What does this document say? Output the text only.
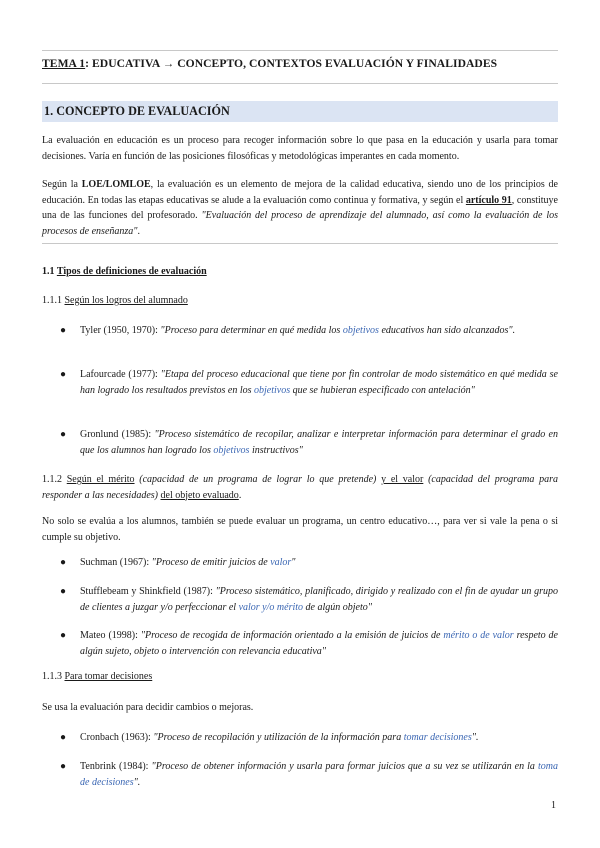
TEMA 1: EDUCATIVA → CONCEPTO, CONTEXTOS EVALUACIÓN Y FINALIDADES
1. CONCEPTO DE EVALUACIÓN
La evaluación en educación es un proceso para recoger información sobre lo que pasa en la educación y usarla para tomar decisiones. Varía en función de las posiciones filosóficas y metodológicas imperantes en cada momento.
Según la LOE/LOMLOE, la evaluación es un elemento de mejora de la calidad educativa, siendo uno de los principios de educación. En todas las etapas educativas se alude a la evaluación como continua y formativa, y según el artículo 91, constituye una de las funciones del profesorado. "Evaluación del proceso de aprendizaje del alumnado, así como la evaluación de los procesos de enseñanza".
1.1 Tipos de definiciones de evaluación
1.1.1 Según los logros del alumnado
● Tyler (1950, 1970): "Proceso para determinar en qué medida los objetivos educativos han sido alcanzados".
● Lafourcade (1977): "Etapa del proceso educacional que tiene por fin controlar de modo sistemático en qué medida se han logrado los resultados previstos en los objetivos que se hubieran especificado con antelación"
● Gronlund (1985): "Proceso sistemático de recopilar, analizar e interpretar información para determinar el grado en que los alumnos han logrado los objetivos instructivos"
1.1.2 Según el mérito (capacidad de un programa de lograr lo que pretende) y el valor (capacidad del programa para responder a las necesidades) del objeto evaluado.
No solo se evalúa a los alumnos, también se puede evaluar un programa, un centro educativo…, para ver si vale la pena o si cumple su objetivo.
● Suchman (1967): "Proceso de emitir juicios de valor"
● Stufflebeam y Shinkfield (1987): "Proceso sistemático, planificado, dirigido y realizado con el fin de ayudar un grupo de clientes a juzgar y/o perfeccionar el valor y/o mérito de algún objeto"
● Mateo (1998): "Proceso de recogida de información orientado a la emisión de juicios de mérito o de valor respeto de algún sujeto, objeto o intervención con relevancia educativa"
1.1.3 Para tomar decisiones
Se usa la evaluación para decidir cambios o mejoras.
● Cronbach (1963): "Proceso de recopilación y utilización de la información para tomar decisiones".
● Tenbrink (1984): "Proceso de obtener información y usarla para formar juicios que a su vez se utilizarán en la toma de decisiones".
1
